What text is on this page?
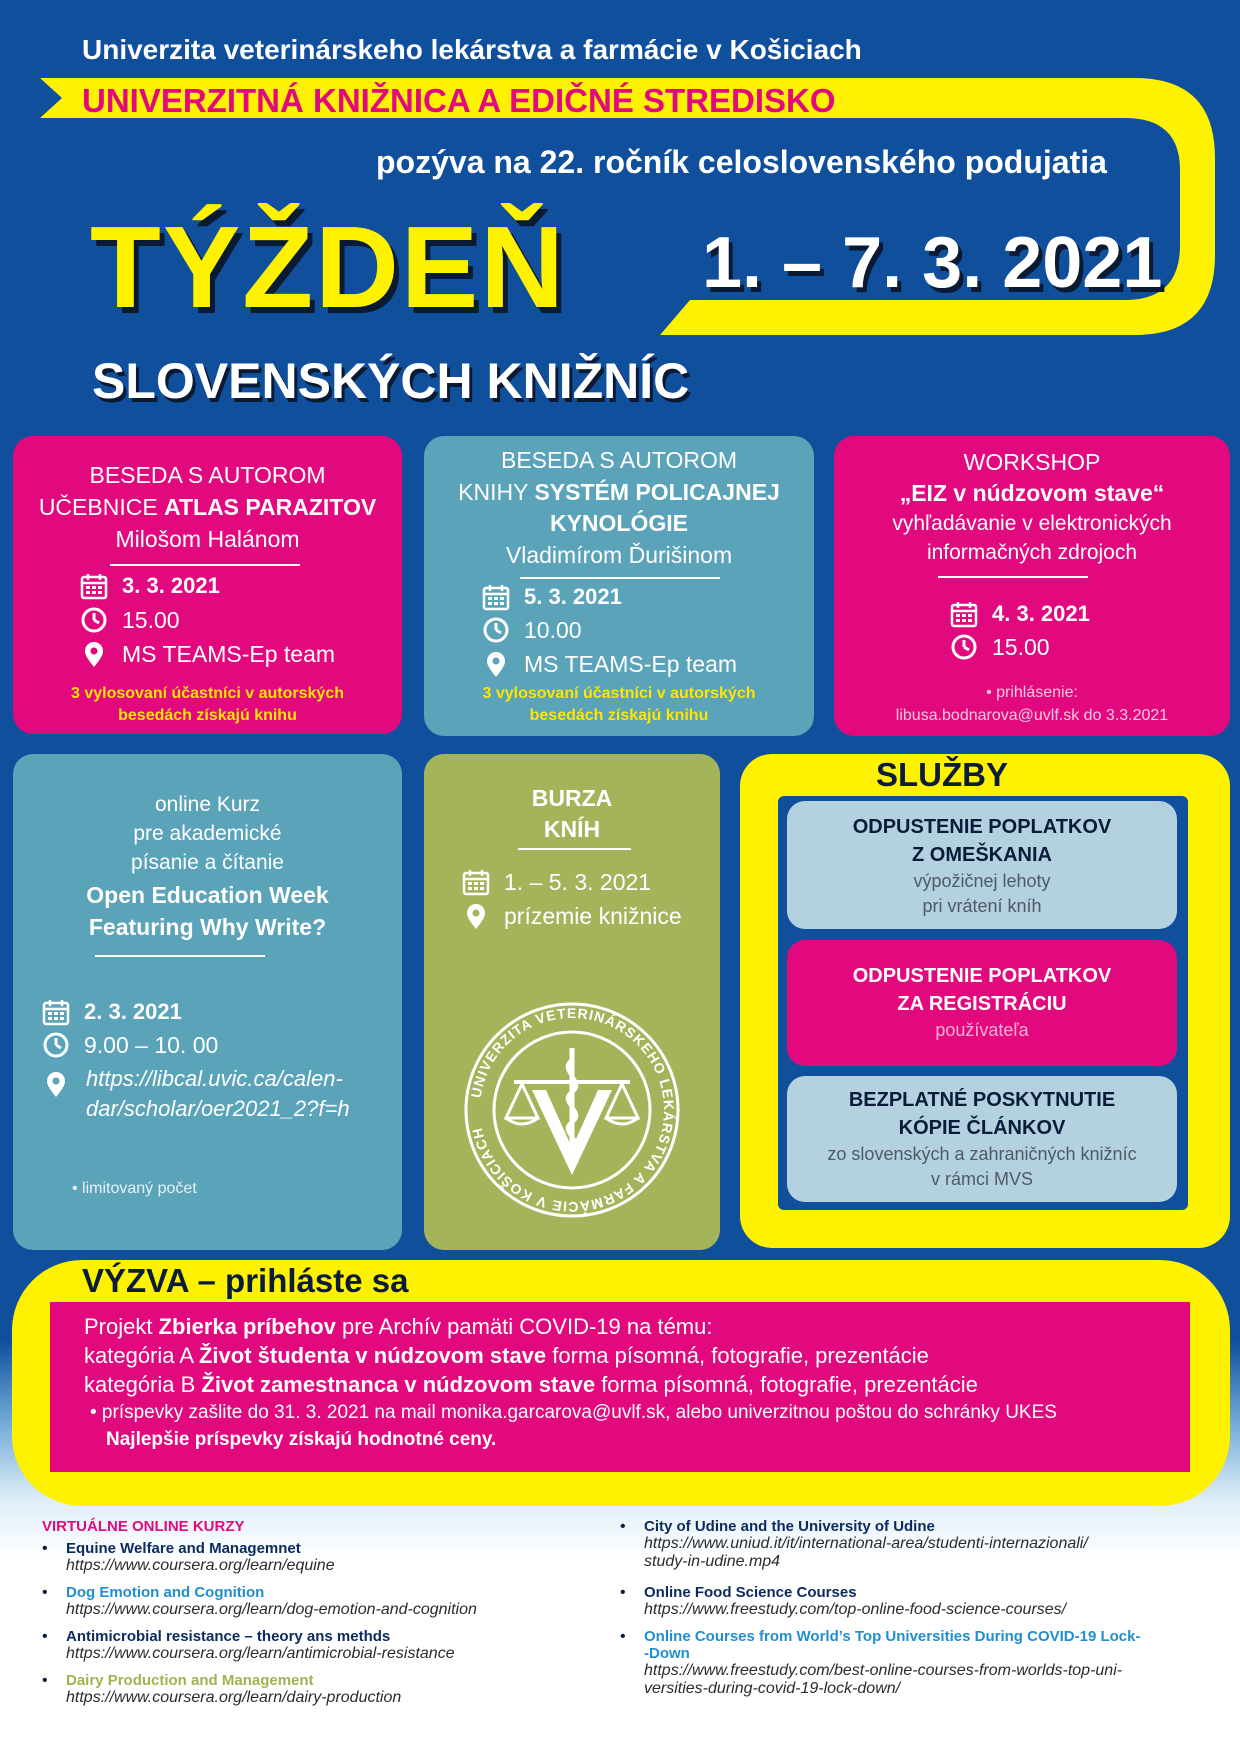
Univerzita veterinárskeho lekárstva a farmácie v Košiciach
UNIVERZITNÁ KNIŽNICA A EDIČNÉ STREDISKO
pozýva na 22. ročník celoslovenského podujatia
TÝŽDEŇ 1. – 7. 3. 2021
SLOVENSKÝCH KNIŽNÍC
BESEDA S AUTOROM
UČEBNICE ATLAS PARAZITOV
Milošom Halánom
3. 3. 2021
15.00
MS TEAMS-Ep team
3 vylosovaní účastníci v autorských
besedách získajú knihu
BESEDA S AUTOROM
KNIHY SYSTÉM POLICAJNEJ
KYNOLÓGIE
Vladimírom Ďurišinom
5. 3. 2021
10.00
MS TEAMS-Ep team
3 vylosovaní účastníci v autorských
besedách získajú knihu
WORKSHOP
„EIZ v núdzovom stave“
vyhľadávanie v elektronických
informačných zdrojoch
4. 3. 2021
15.00
• prihlásenie:
libusa.bodnarova@uvlf.sk do 3.3.2021
online Kurz
pre akademické
písanie a čítanie
Open Education Week
Featuring Why Write?
2. 3. 2021
9.00 – 10. 00
https://libcal.uvic.ca/calen-
dar/scholar/oer2021_2?f=h
• limitovaný počet
BURZA
KNÍH
1. – 5. 3. 2021
prízemie knižnice
UNIVERZITA VETERINÁRSKEHO LEKÁRSTVA A FARMÁCIE V KOŠICIACH
SLUŽBY
ODPUSTENIE POPLATKOV
Z OMEŠKANIA
výpožičnej lehoty
pri vrátení kníh
ODPUSTENIE POPLATKOV
ZA REGISTRÁCIU
používateľa
BEZPLATNÉ POSKYTNUTIE
KÓPIE ČLÁNKOV
zo slovenských a zahraničných knižníc
v rámci MVS
VÝZVA – prihláste sa
Projekt Zbierka príbehov pre Archív pamäti COVID-19 na tému:
kategória A Život študenta v núdzovom stave forma písomná, fotografie, prezentácie
kategória B Život zamestnanca v núdzovom stave forma písomná, fotografie, prezentácie
• príspevky zašlite do 31. 3. 2021 na mail monika.garcarova@uvlf.sk, alebo univerzitnou poštou do schránky UKES
Najlepšie príspevky získajú hodnotné ceny.
VIRTUÁLNE ONLINE KURZY
• Equine Welfare and Managemnet
https://www.coursera.org/learn/equine
• Dog Emotion and Cognition
https://www.coursera.org/learn/dog-emotion-and-cognition
• Antimicrobial resistance – theory ans methds
https://www.coursera.org/learn/antimicrobial-resistance
• Dairy Production and Management
https://www.coursera.org/learn/dairy-production
• City of Udine and the University of Udine
https://www.uniud.it/it/international-area/studenti-internazionali/
study-in-udine.mp4
• Online Food Science Courses
https://www.freestudy.com/top-online-food-science-courses/
• Online Courses from World’s Top Universities During COVID-19 Lock-
-Down
https://www.freestudy.com/best-online-courses-from-worlds-top-uni-
versities-during-covid-19-lock-down/
